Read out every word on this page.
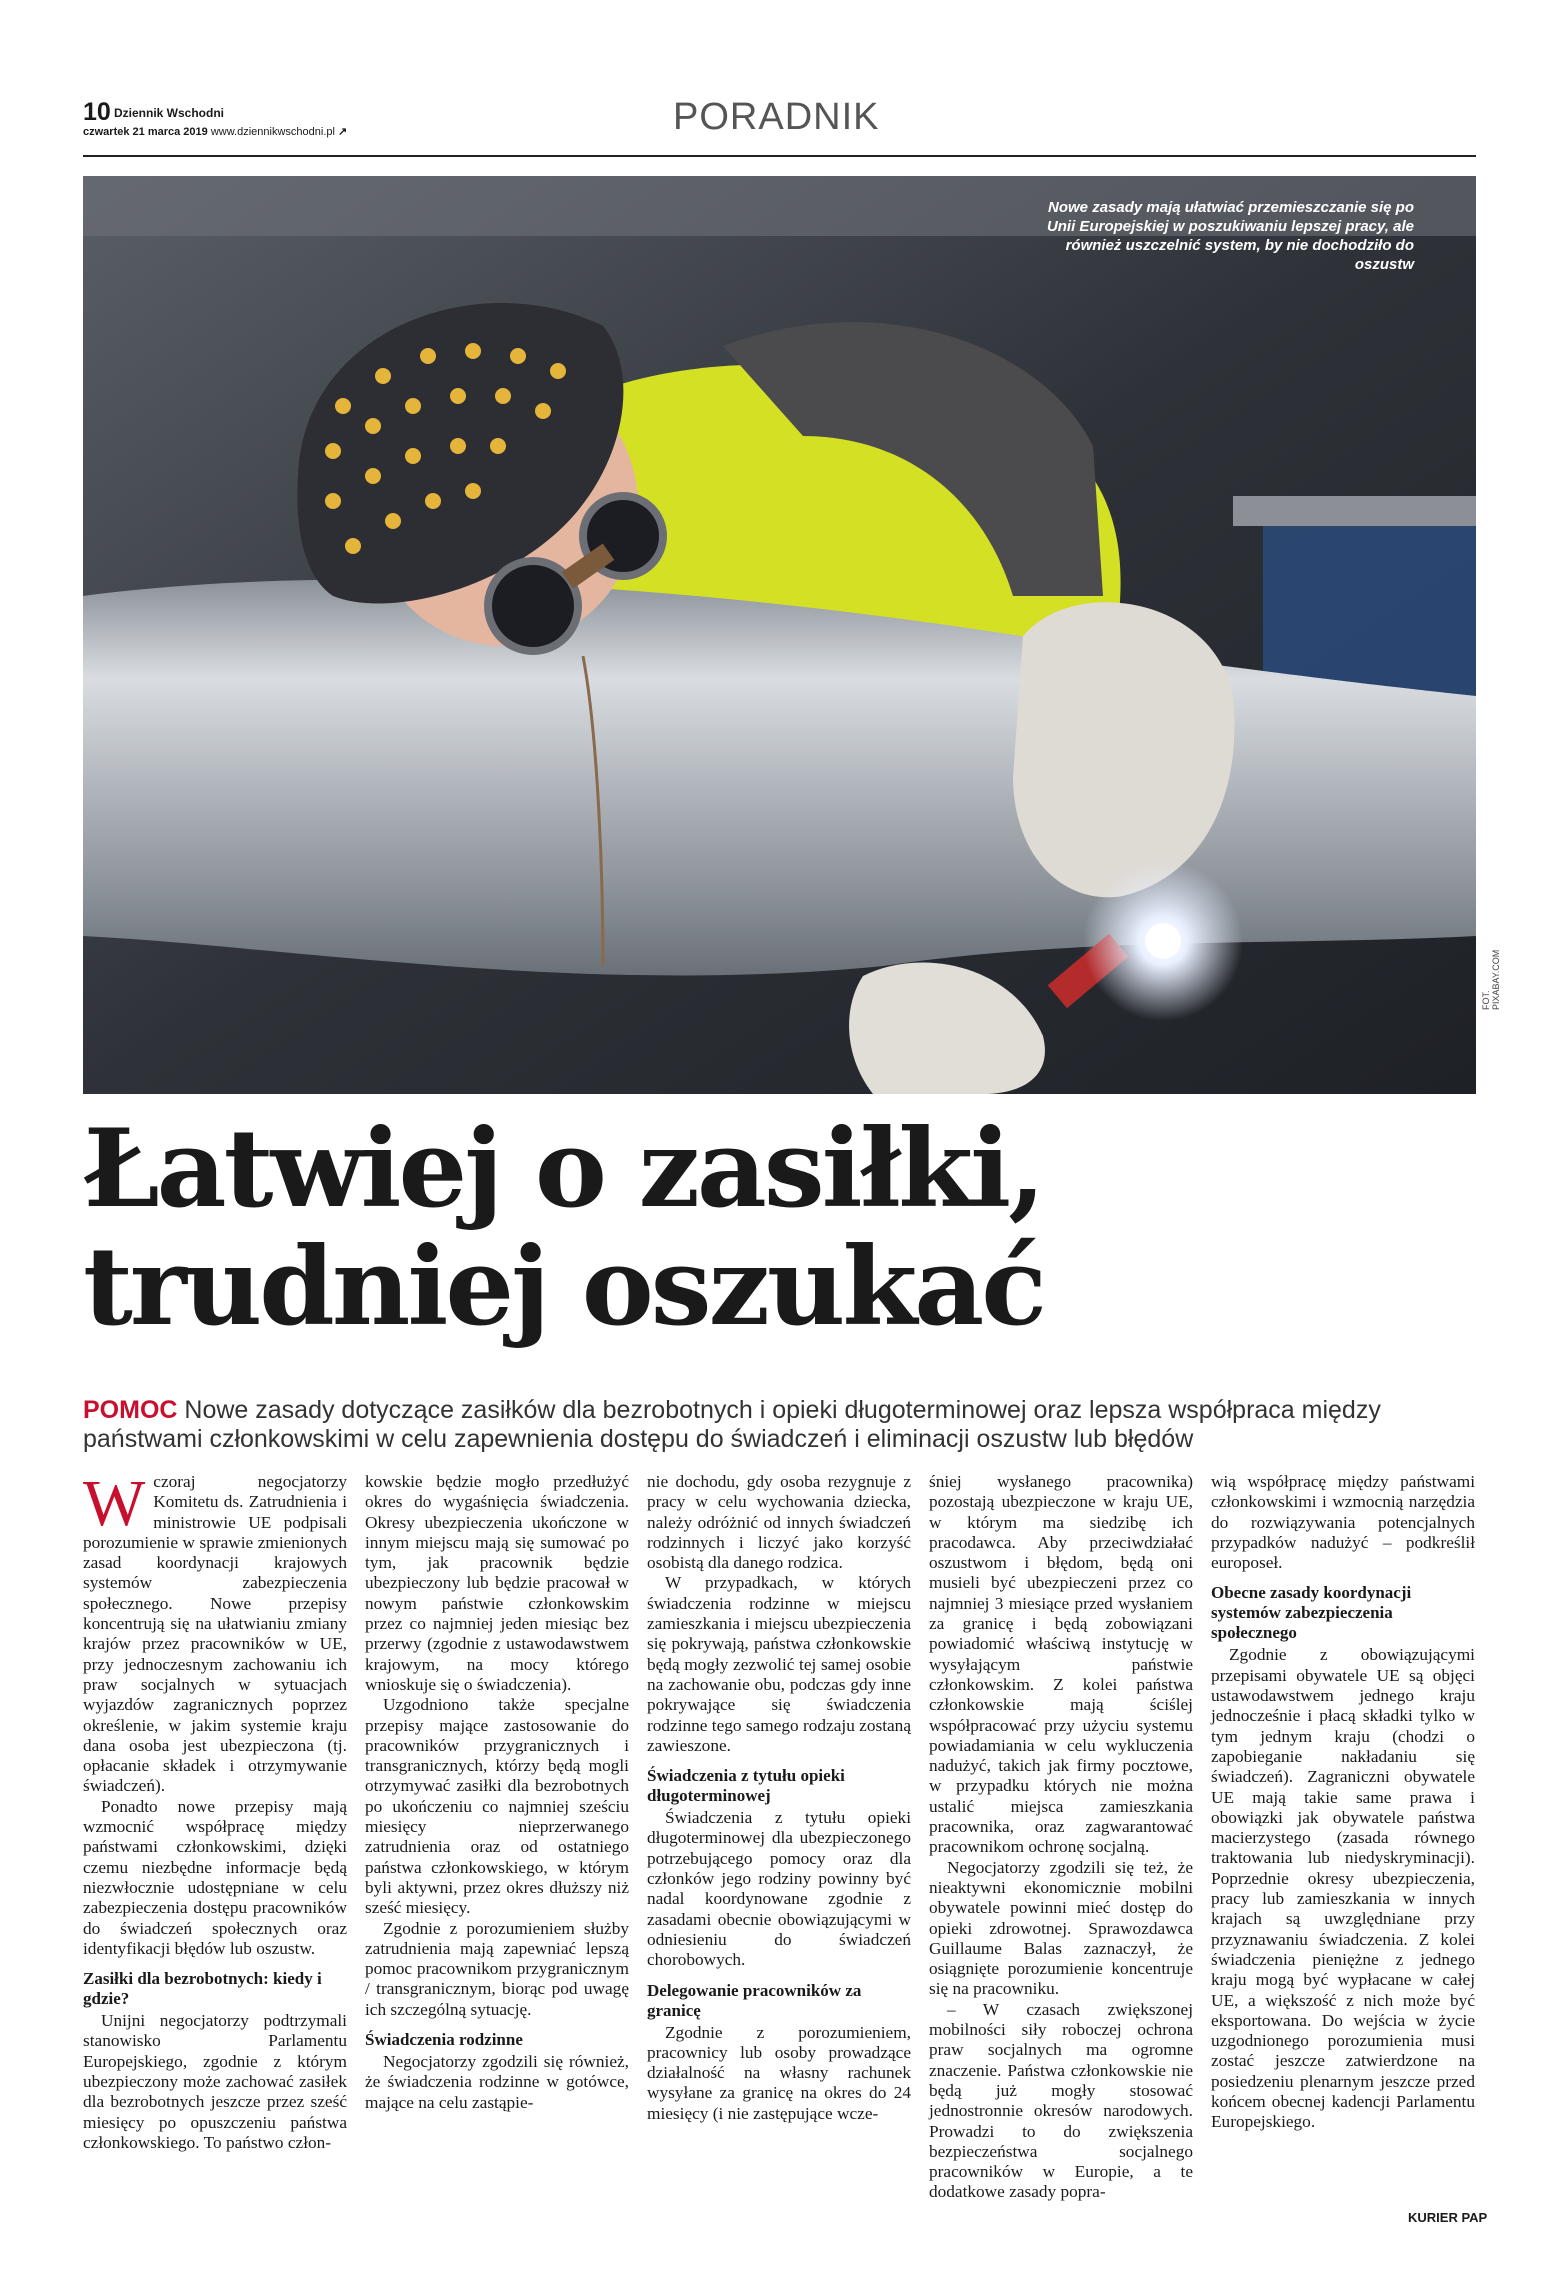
10 Dziennik Wschodni
czwartek 21 marca 2019 www.dziennikwschodni.pl ↗	PORADNIK
Nowe zasady mają ułatwiać przemieszczanie się po Unii Europejskiej w poszukiwaniu lepszej pracy, ale również uszczelnić system, by nie dochodziło do oszustw
FOT. PIXABAY.COM
Łatwiej o zasiłki,
trudniej oszukać
POMOC Nowe zasady dotyczące zasiłków dla bezrobotnych i opieki długoterminowej oraz lepsza współpraca między państwami członkowskimi w celu zapewnienia dostępu do świadczeń i eliminacji oszustw lub błędów
W czoraj negocjatorzy Komitetu ds. Zatrudnienia i ministrowie UE podpisali porozumienie w sprawie zmienionych zasad koordynacji krajowych systemów zabezpieczenia społecznego. Nowe przepisy koncentrują się na ułatwianiu zmiany krajów przez pracowników w UE, przy jednoczesnym zachowaniu ich praw socjalnych w sytuacjach wyjazdów zagranicznych poprzez określenie, w jakim systemie kraju dana osoba jest ubezpieczona (tj. opłacanie składek i otrzymywanie świadczeń).

Ponadto nowe przepisy mają wzmocnić współpracę między państwami członkowskimi, dzięki czemu niezbędne informacje będą niezwłocznie udostępniane w celu zabezpieczenia dostępu pracowników do świadczeń społecznych oraz identyfikacji błędów lub oszustw.

Zasiłki dla bezrobotnych: kiedy i gdzie?

Unijni negocjatorzy podtrzymali stanowisko Parlamentu Europejskiego, zgodnie z którym ubezpieczony może zachować zasiłek dla bezrobotnych jeszcze przez sześć miesięcy po opuszczeniu państwa członkowskiego. To państwo człon-

kowskie będzie mogło przedłużyć okres do wygaśnięcia świadczenia. Okresy ubezpieczenia ukończone w innym miejscu mają się sumować po tym, jak pracownik będzie ubezpieczony lub będzie pracował w nowym państwie członkowskim przez co najmniej jeden miesiąc bez przerwy (zgodnie z ustawodawstwem krajowym, na mocy którego wnioskuje się o świadczenia).

Uzgodniono także specjalne przepisy mające zastosowanie do pracowników przygranicznych i transgranicznych, którzy będą mogli otrzymywać zasiłki dla bezrobotnych po ukończeniu co najmniej sześciu miesięcy nieprzerwanego zatrudnienia oraz od ostatniego państwa członkowskiego, w którym byli aktywni, przez okres dłuższy niż sześć miesięcy.

Zgodnie z porozumieniem służby zatrudnienia mają zapewniać lepszą pomoc pracownikom przygranicznym / transgranicznym, biorąc pod uwagę ich szczególną sytuację.

Świadczenia rodzinne

Negocjatorzy zgodzili się również, że świadczenia rodzinne w gotówce, mające na celu zastąpie-

nie dochodu, gdy osoba rezygnuje z pracy w celu wychowania dziecka, należy odróżnić od innych świadczeń rodzinnych i liczyć jako korzyść osobistą dla danego rodzica.

W przypadkach, w których świadczenia rodzinne w miejscu zamieszkania i miejscu ubezpieczenia się pokrywają, państwa członkowskie będą mogły zezwolić tej samej osobie na zachowanie obu, podczas gdy inne pokrywające się świadczenia rodzinne tego samego rodzaju zostaną zawieszone.

Świadczenia z tytułu opieki długoterminowej

Świadczenia z tytułu opieki długoterminowej dla ubezpieczonego potrzebującego pomocy oraz dla członków jego rodziny powinny być nadal koordynowane zgodnie z zasadami obecnie obowiązującymi w odniesieniu do świadczeń chorobowych.

Delegowanie pracowników za granicę

Zgodnie z porozumieniem, pracownicy lub osoby prowadzące działalność na własny rachunek wysyłane za granicę na okres do 24 miesięcy (i nie zastępujące wcze-

śniej wysłanego pracownika) pozostają ubezpieczone w kraju UE, w którym ma siedzibę ich pracodawca. Aby przeciwdziałać oszustwom i błędom, będą oni musieli być ubezpieczeni przez co najmniej 3 miesiące przed wysłaniem za granicę i będą zobowiązani powiadomić właściwą instytucję w wysyłającym państwie członkowskim. Z kolei państwa członkowskie mają ściślej współpracować przy użyciu systemu powiadamiania w celu wykluczenia nadużyć, takich jak firmy pocztowe, w przypadku których nie można ustalić miejsca zamieszkania pracownika, oraz zagwarantować pracownikom ochronę socjalną.

Negocjatorzy zgodzili się też, że nieaktywni ekonomicznie mobilni obywatele powinni mieć dostęp do opieki zdrowotnej. Sprawozdawca Guillaume Balas zaznaczył, że osiągnięte porozumienie koncentruje się na pracowniku.

– W czasach zwiększonej mobilności siły roboczej ochrona praw socjalnych ma ogromne znaczenie. Państwa członkowskie nie będą już mogły stosować jednostronnie okresów narodowych. Prowadzi to do zwiększenia bezpieczeństwa socjalnego pracowników w Europie, a te dodatkowe zasady popra-

wią współpracę między państwami członkowskimi i wzmocnią narzędzia do rozwiązywania potencjalnych przypadków nadużyć – podkreślił europoseł.

Obecne zasady koordynacji systemów zabezpieczenia społecznego

Zgodnie z obowiązującymi przepisami obywatele UE są objęci ustawodawstwem jednego kraju jednocześnie i płacą składki tylko w tym jednym kraju (chodzi o zapobieganie nakładaniu się świadczeń). Zagraniczni obywatele UE mają takie same prawa i obowiązki jak obywatele państwa macierzystego (zasada równego traktowania lub niedyskryminacji). Poprzednie okresy ubezpieczenia, pracy lub zamieszkania w innych krajach są uwzględniane przy przyznawaniu świadczenia. Z kolei świadczenia pieniężne z jednego kraju mogą być wypłacane w całej UE, a większość z nich może być eksportowana. Do wejścia w życie uzgodnionego porozumienia musi zostać jeszcze zatwierdzone na posiedzeniu plenarnym jeszcze przed końcem obecnej kadencji Parlamentu Europejskiego.

KURIER PAP
